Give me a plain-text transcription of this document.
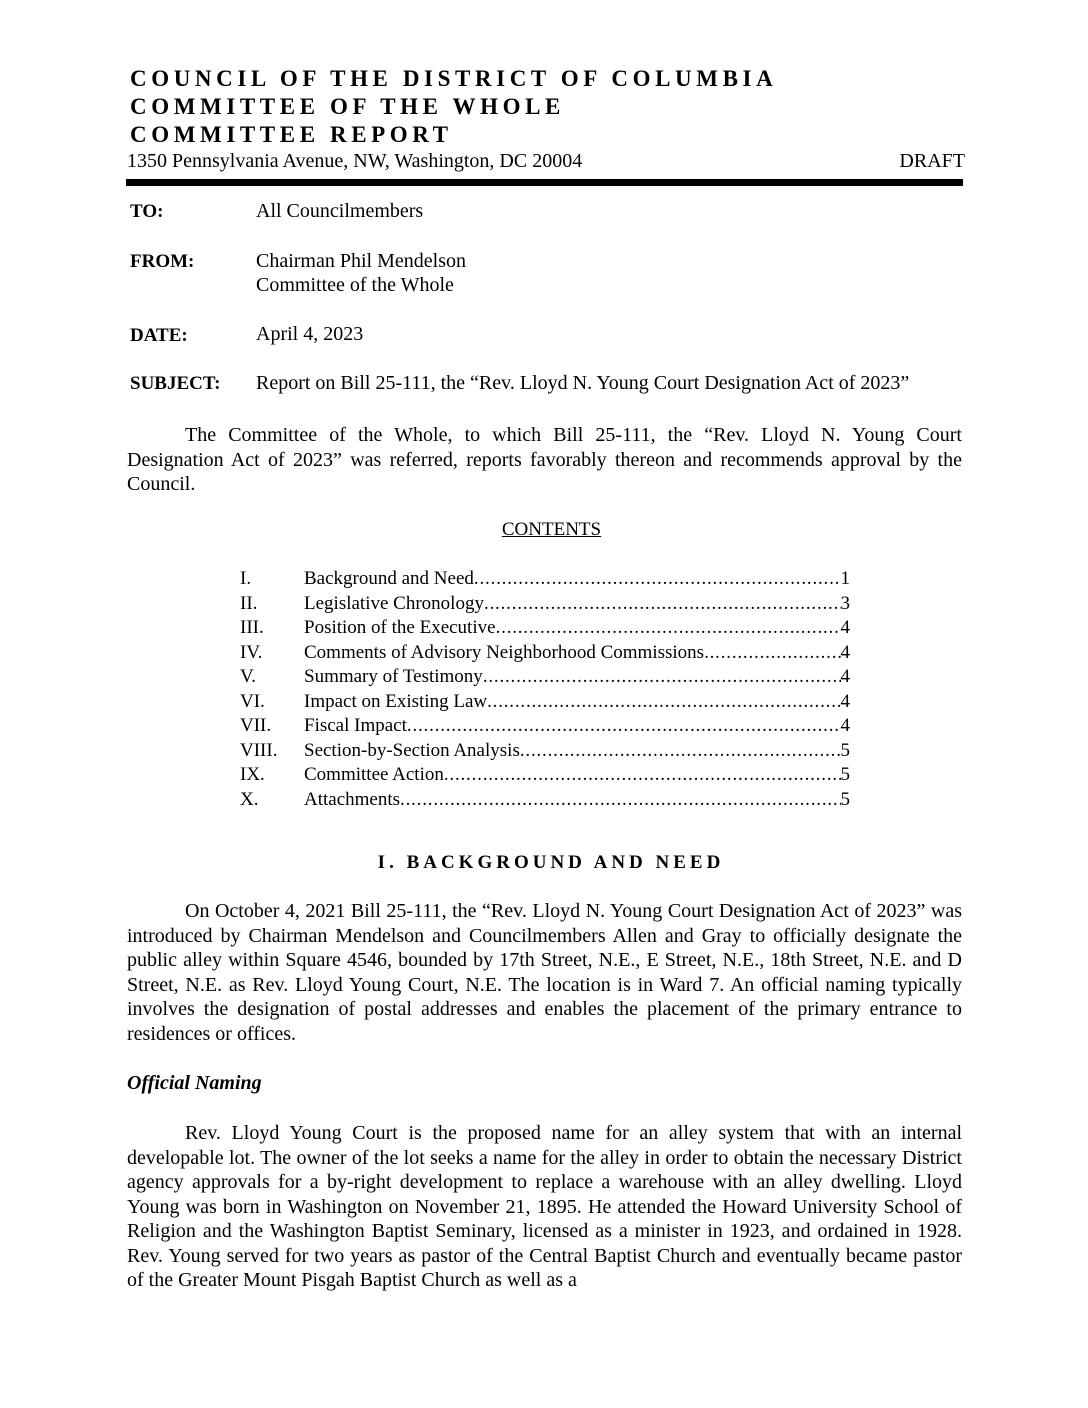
COUNCIL OF THE DISTRICT OF COLUMBIA
COMMITTEE OF THE WHOLE
COMMITTEE REPORT
1350 Pennsylvania Avenue, NW, Washington, DC 20004	DRAFT
TO:	All Councilmembers
FROM:	Chairman Phil Mendelson
Committee of the Whole
DATE:	April 4, 2023
SUBJECT: Report on Bill 25-111, the “Rev. Lloyd N. Young Court Designation Act of 2023”

The Committee of the Whole, to which Bill 25-111, the “Rev. Lloyd N. Young Court Designation Act of 2023” was referred, reports favorably thereon and recommends approval by the Council.

CONTENTS
I.	Background and Need .....	1
II. Legislative Chronology .....	3
III. Position of the Executive .....	4
IV. Comments of Advisory Neighborhood Commissions .....	4
V.	Summary of Testimony .....	4
VI. Impact on Existing Law .....	4
VII. Fiscal Impact .....	4
VIII. Section-by-Section Analysis .....	5
IX. Committee Action .....	5
X. Attachments .....	5
I. BACKGROUND AND NEED

On October 4, 2021 Bill 25-111, the “Rev. Lloyd N. Young Court Designation Act of 2023” was introduced by Chairman Mendelson and Councilmembers Allen and Gray to officially designate the public alley within Square 4546, bounded by 17th Street, N.E., E Street, N.E., 18th Street, N.E. and D Street, N.E. as Rev. Lloyd Young Court, N.E. The location is in Ward 7. An official naming typically involves the designation of postal addresses and enables the placement of the primary entrance to residences or offices.

Official Naming

Rev. Lloyd Young Court is the proposed name for an alley system that with an internal developable lot. The owner of the lot seeks a name for the alley in order to obtain the necessary District agency approvals for a by-right development to replace a warehouse with an alley dwelling. Lloyd Young was born in Washington on November 21, 1895. He attended the Howard University School of Religion and the Washington Baptist Seminary, licensed as a minister in 1923, and ordained in 1928. Rev. Young served for two years as pastor of the Central Baptist Church and eventually became pastor of the Greater Mount Pisgah Baptist Church as well as a
